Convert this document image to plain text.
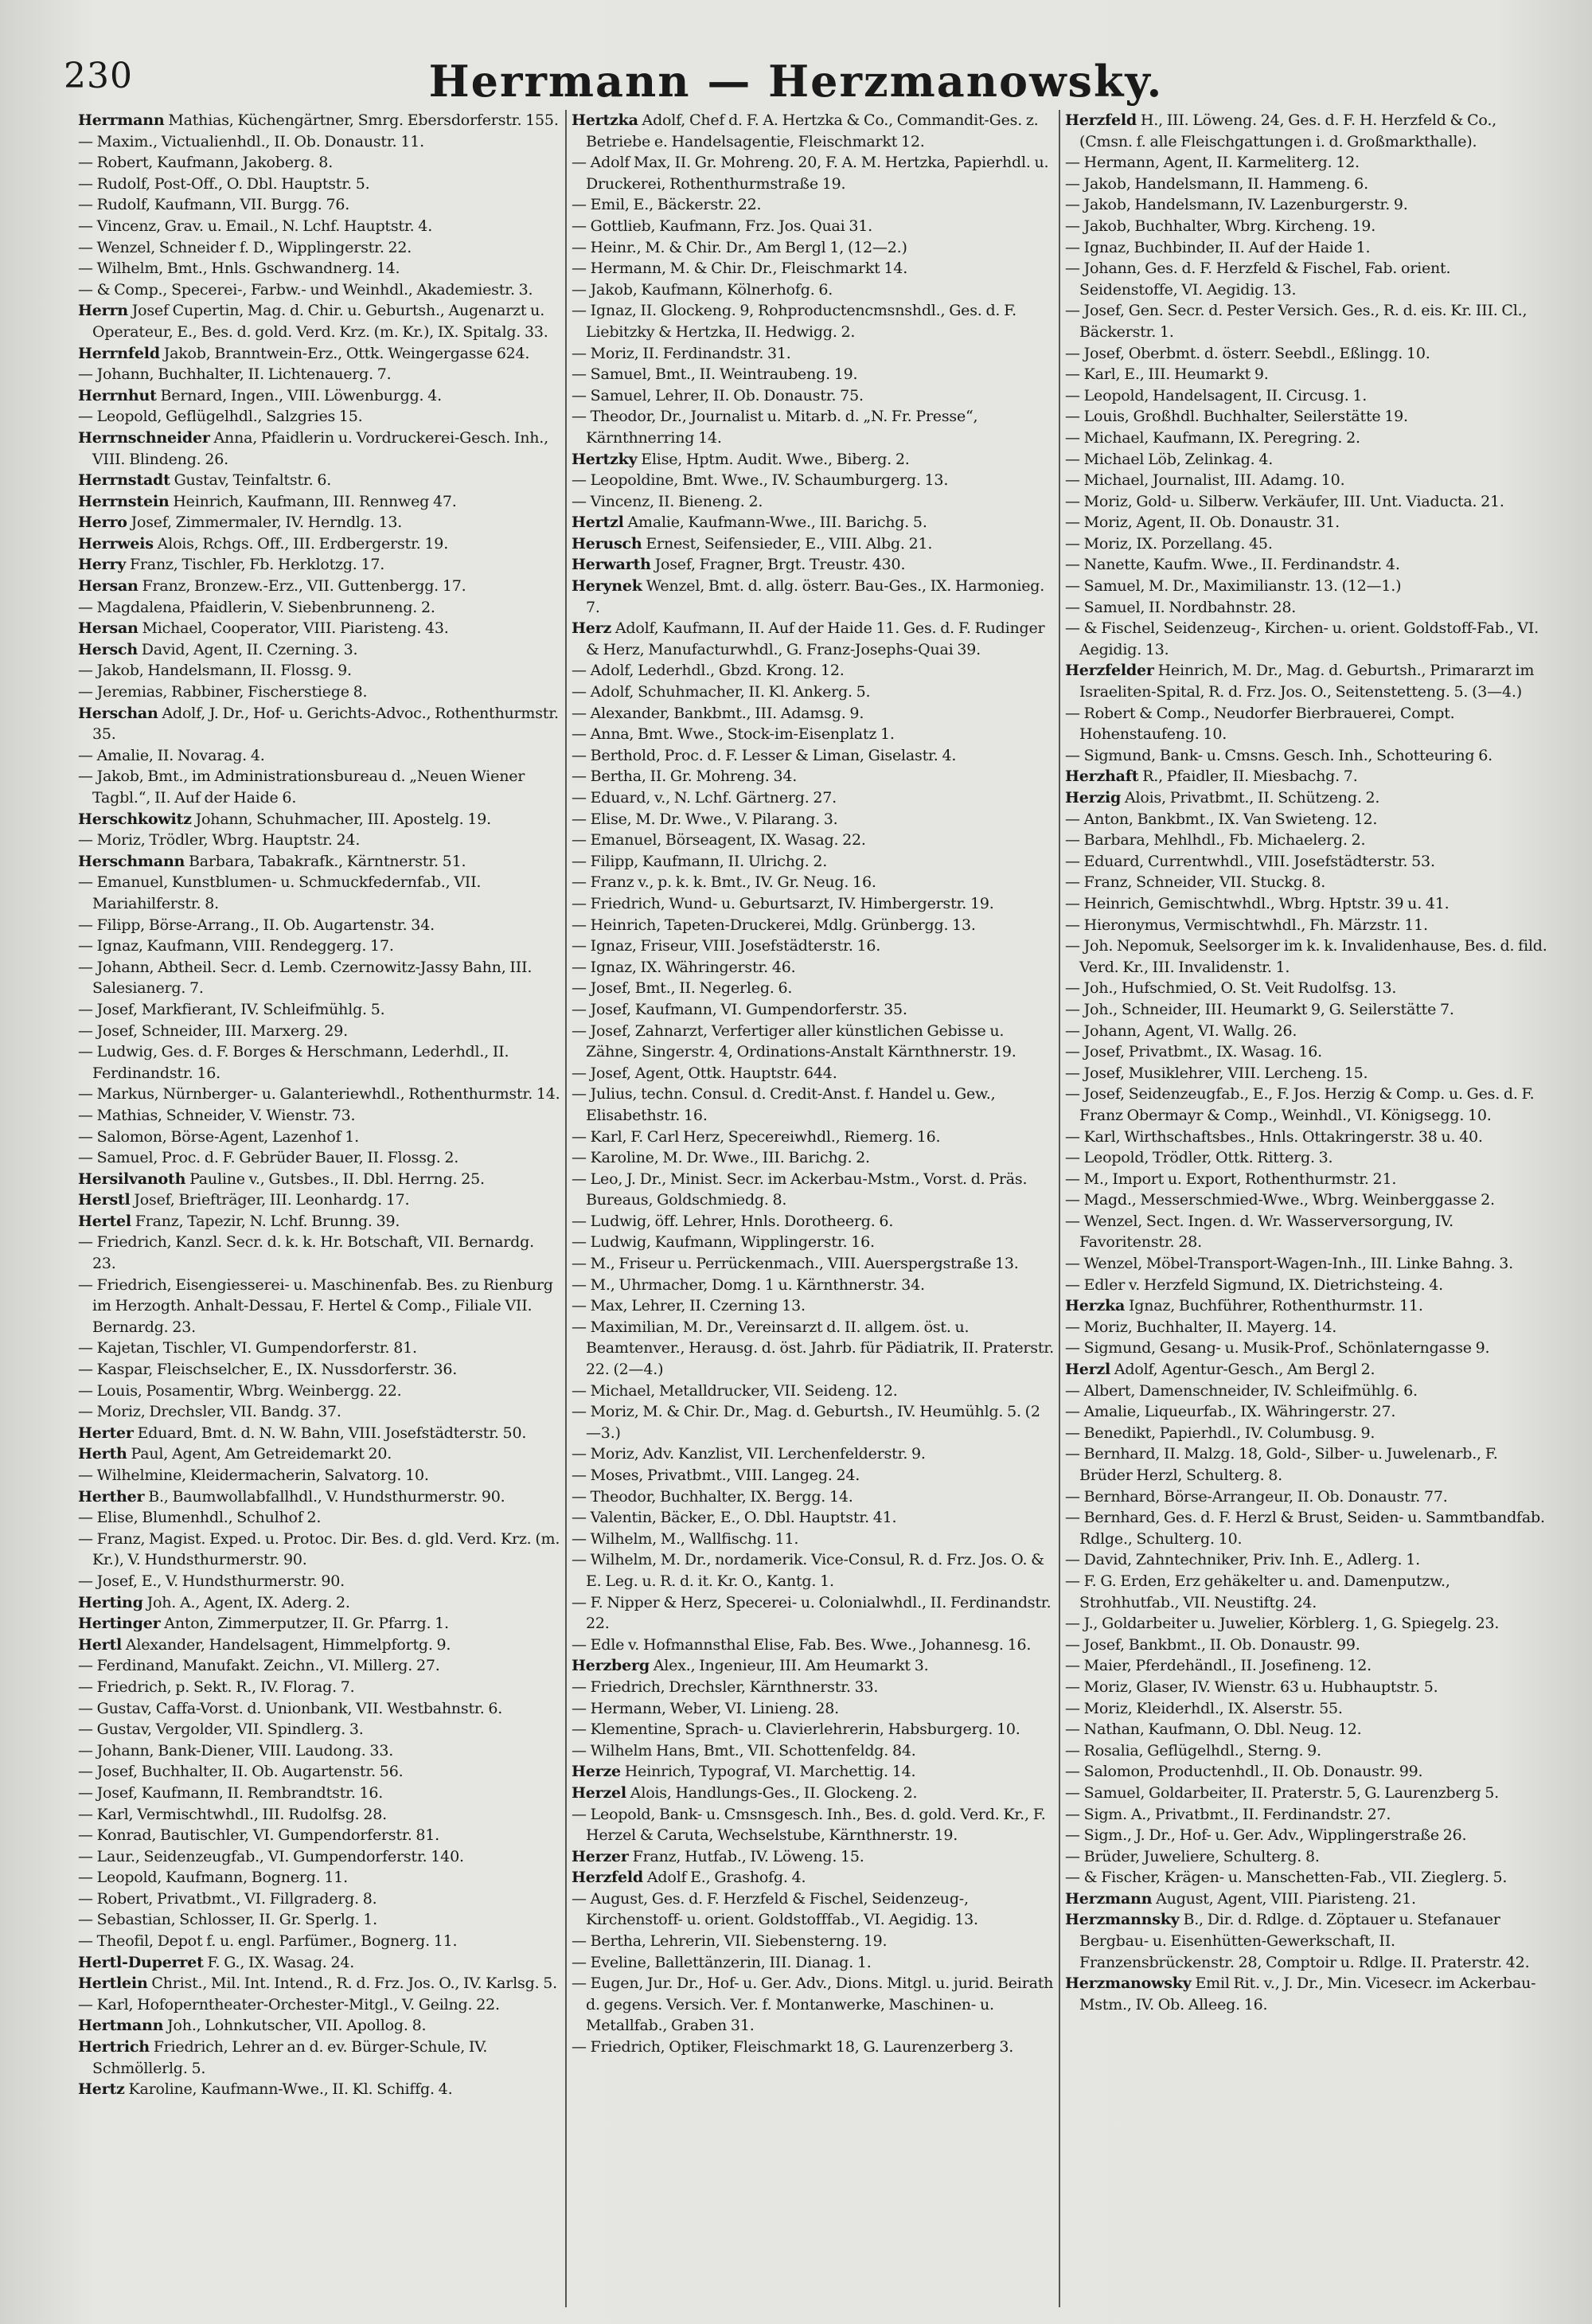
230	Herrmann — Herzmanowsky.

Herrmann Mathias, Küchengärtner, Smrg. Ebersdorferstr. 155.

— Maxim., Victualienhdl., II. Ob. Donaustr. 11.

— Robert, Kaufmann, Jakoberg. 8.

— Rudolf, Post-Off., O. Dbl. Hauptstr. 5.

— Rudolf, Kaufmann, VII. Burgg. 76.

— Vincenz, Grav. u. Email., N. Lchf. Hauptstr. 4.

— Wenzel, Schneider f. D., Wipplingerstr. 22.

— Wilhelm, Bmt., Hnls. Gschwandnerg. 14.

— & Comp., Specerei-, Farbw.- und Weinhdl., Akademiestr. 3.

Herrn Josef Cupertin, Mag. d. Chir. u. Geburtsh., Augenarzt u. Operateur, E., Bes. d. gold. Verd. Krz. (m. Kr.), IX. Spitalg. 33.

Herrnfeld Jakob, Branntwein-Erz., Ottk. Weingergasse 624.

— Johann, Buchhalter, II. Lichtenauerg. 7.

Herrnhut Bernard, Ingen., VIII. Löwenburgg. 4.

— Leopold, Geflügelhdl., Salzgries 15.

Herrnschneider Anna, Pfaidlerin u. Vordruckerei-Gesch. Inh., VIII. Blindeng. 26.

Herrnstadt Gustav, Teinfaltstr. 6.

Herrnstein Heinrich, Kaufmann, III. Rennweg 47.

Herro Josef, Zimmermaler, IV. Herndlg. 13.

Herrweis Alois, Rchgs. Off., III. Erdbergerstr. 19.

Herry Franz, Tischler, Fb. Herklotzg. 17.

Hersan Franz, Bronzew.-Erz., VII. Guttenbergg. 17.

— Magdalena, Pfaidlerin, V. Siebenbrunneng. 2.

Hersan Michael, Cooperator, VIII. Piaristeng. 43.

Hersch David, Agent, II. Czerning. 3.

— Jakob, Handelsmann, II. Flossg. 9.

— Jeremias, Rabbiner, Fischerstiege 8.

Herschan Adolf, J. Dr., Hof- u. Gerichts-Advoc., Rothenthurmstr. 35.

— Amalie, II. Novarag. 4.

— Jakob, Bmt., im Administrationsbureau d. „Neuen Wiener Tagbl.“, II. Auf der Haide 6.

Herschkowitz Johann, Schuhmacher, III. Apostelg. 19.

— Moriz, Trödler, Wbrg. Hauptstr. 24.

Herschmann Barbara, Tabakrafk., Kärntnerstr. 51.

— Emanuel, Kunstblumen- u. Schmuckfedernfab., VII. Mariahilferstr. 8.

— Filipp, Börse-Arrang., II. Ob. Augartenstr. 34.

— Ignaz, Kaufmann, VIII. Rendeggerg. 17.

— Johann, Abtheil. Secr. d. Lemb. Czernowitz-Jassy Bahn, III. Salesianerg. 7.

— Josef, Markfierant, IV. Schleifmühlg. 5.

— Josef, Schneider, III. Marxerg. 29.

— Ludwig, Ges. d. F. Borges & Herschmann, Lederhdl., II. Ferdinandstr. 16.

— Markus, Nürnberger- u. Galanteriewhdl., Rothenthurmstr. 14.

— Mathias, Schneider, V. Wienstr. 73.

— Salomon, Börse-Agent, Lazenhof 1.

— Samuel, Proc. d. F. Gebrüder Bauer, II. Flossg. 2.

Hersilvanoth Pauline v., Gutsbes., II. Dbl. Herrng. 25.

Herstl Josef, Briefträger, III. Leonhardg. 17.

Hertel Franz, Tapezir, N. Lchf. Brunng. 39.

— Friedrich, Kanzl. Secr. d. k. k. Hr. Botschaft, VII. Bernardg. 23.

— Friedrich, Eisengiesserei- u. Maschinenfab. Bes. zu Rienburg im Herzogth. Anhalt-Dessau, F. Hertel & Comp., Filiale VII. Bernardg. 23.

— Kajetan, Tischler, VI. Gumpendorferstr. 81.

— Kaspar, Fleischselcher, E., IX. Nussdorferstr. 36.

— Louis, Posamentir, Wbrg. Weinbergg. 22.

— Moriz, Drechsler, VII. Bandg. 37.

Herter Eduard, Bmt. d. N. W. Bahn, VIII. Josefstädterstr. 50.

Herth Paul, Agent, Am Getreidemarkt 20.

— Wilhelmine, Kleidermacherin, Salvatorg. 10.

Herther B., Baumwollabfallhdl., V. Hundsthurmerstr. 90.

— Elise, Blumenhdl., Schulhof 2.

— Franz, Magist. Exped. u. Protoc. Dir. Bes. d. gld. Verd. Krz. (m. Kr.), V. Hundsthurmerstr. 90.

— Josef, E., V. Hundsthurmerstr. 90.

Herting Joh. A., Agent, IX. Aderg. 2.

Hertinger Anton, Zimmerputzer, II. Gr. Pfarrg. 1.

Hertl Alexander, Handelsagent, Himmelpfortg. 9.

— Ferdinand, Manufakt. Zeichn., VI. Millerg. 27.

— Friedrich, p. Sekt. R., IV. Florag. 7.

— Gustav, Caffa-Vorst. d. Unionbank, VII. Westbahnstr. 6.

— Gustav, Vergolder, VII. Spindlerg. 3.

— Johann, Bank-Diener, VIII. Laudong. 33.

— Josef, Buchhalter, II. Ob. Augartenstr. 56.

— Josef, Kaufmann, II. Rembrandtstr. 16.

— Karl, Vermischtwhdl., III. Rudolfsg. 28.

— Konrad, Bautischler, VI. Gumpendorferstr. 81.

— Laur., Seidenzeugfab., VI. Gumpendorferstr. 140.

— Leopold, Kaufmann, Bognerg. 11.

— Robert, Privatbmt., VI. Fillgraderg. 8.

— Sebastian, Schlosser, II. Gr. Sperlg. 1.

— Theofil, Depot f. u. engl. Parfümer., Bognerg. 11.

Hertl-Duperret F. G., IX. Wasag. 24.

Hertlein Christ., Mil. Int. Intend., R. d. Frz. Jos. O., IV. Karlsg. 5.

— Karl, Hofoperntheater-Orchester-Mitgl., V. Geilng. 22.

Hertmann Joh., Lohnkutscher, VII. Apollog. 8.

Hertrich Friedrich, Lehrer an d. ev. Bürger-Schule, IV. Schmöllerlg. 5.

Hertz Karoline, Kaufmann-Wwe., II. Kl. Schiffg. 4.

Hertzka Adolf, Chef d. F. A. Hertzka & Co., Commandit-Ges. z. Betriebe e. Handelsagentie, Fleischmarkt 12.

— Adolf Max, II. Gr. Mohreng. 20, F. A. M. Hertzka, Papierhdl. u. Druckerei, Rothenthurmstraße 19.

— Emil, E., Bäckerstr. 22.

— Gottlieb, Kaufmann, Frz. Jos. Quai 31.

— Heinr., M. & Chir. Dr., Am Bergl 1, (12—2.)

— Hermann, M. & Chir. Dr., Fleischmarkt 14.

— Jakob, Kaufmann, Kölnerhofg. 6.

— Ignaz, II. Glockeng. 9, Rohproductencmsnshdl., Ges. d. F. Liebitzky & Hertzka, II. Hedwigg. 2.

— Moriz, II. Ferdinandstr. 31.

— Samuel, Bmt., II. Weintraubeng. 19.

— Samuel, Lehrer, II. Ob. Donaustr. 75.

— Theodor, Dr., Journalist u. Mitarb. d. „N. Fr. Presse“, Kärnthnerring 14.

Hertzky Elise, Hptm. Audit. Wwe., Biberg. 2.

— Leopoldine, Bmt. Wwe., IV. Schaumburgerg. 13.

— Vincenz, II. Bieneng. 2.

Hertzl Amalie, Kaufmann-Wwe., III. Barichg. 5.

Herusch Ernest, Seifensieder, E., VIII. Albg. 21.

Herwarth Josef, Fragner, Brgt. Treustr. 430.

Herynek Wenzel, Bmt. d. allg. österr. Bau-Ges., IX. Harmonieg. 7.

Herz Adolf, Kaufmann, II. Auf der Haide 11. Ges. d. F. Rudinger & Herz, Manufacturwhdl., G. Franz-Josephs-Quai 39.

— Adolf, Lederhdl., Gbzd. Krong. 12.

— Adolf, Schuhmacher, II. Kl. Ankerg. 5.

— Alexander, Bankbmt., III. Adamsg. 9.

— Anna, Bmt. Wwe., Stock-im-Eisenplatz 1.

— Berthold, Proc. d. F. Lesser & Liman, Giselastr. 4.

— Bertha, II. Gr. Mohreng. 34.

— Eduard, v., N. Lchf. Gärtnerg. 27.

— Elise, M. Dr. Wwe., V. Pilarang. 3.

— Emanuel, Börseagent, IX. Wasag. 22.

— Filipp, Kaufmann, II. Ulrichg. 2.

— Franz v., p. k. k. Bmt., IV. Gr. Neug. 16.

— Friedrich, Wund- u. Geburtsarzt, IV. Himbergerstr. 19.

— Heinrich, Tapeten-Druckerei, Mdlg. Grünbergg. 13.

— Ignaz, Friseur, VIII. Josefstädterstr. 16.

— Ignaz, IX. Währingerstr. 46.

— Josef, Bmt., II. Negerleg. 6.

— Josef, Kaufmann, VI. Gumpendorferstr. 35.

— Josef, Zahnarzt, Verfertiger aller künstlichen Gebisse u. Zähne, Singerstr. 4, Ordinations-Anstalt Kärnthnerstr. 19.

— Josef, Agent, Ottk. Hauptstr. 644.

— Julius, techn. Consul. d. Credit-Anst. f. Handel u. Gew., Elisabethstr. 16.

— Karl, F. Carl Herz, Specereiwhdl., Riemerg. 16.

— Karoline, M. Dr. Wwe., III. Barichg. 2.

— Leo, J. Dr., Minist. Secr. im Ackerbau-Mstm., Vorst. d. Präs. Bureaus, Goldschmiedg. 8.

— Ludwig, öff. Lehrer, Hnls. Dorotheerg. 6.

— Ludwig, Kaufmann, Wipplingerstr. 16.

— M., Friseur u. Perrückenmach., VIII. Auerspergstraße 13.

— M., Uhrmacher, Domg. 1 u. Kärnthnerstr. 34.

— Max, Lehrer, II. Czerning 13.

— Maximilian, M. Dr., Vereinsarzt d. II. allgem. öst. u. Beamtenver., Herausg. d. öst. Jahrb. für Pädiatrik, II. Praterstr. 22. (2—4.)

— Michael, Metalldrucker, VII. Seideng. 12.

— Moriz, M. & Chir. Dr., Mag. d. Geburtsh., IV. Heumühlg. 5. (2—3.)

— Moriz, Adv. Kanzlist, VII. Lerchenfelderstr. 9.

— Moses, Privatbmt., VIII. Langeg. 24.

— Theodor, Buchhalter, IX. Bergg. 14.

— Valentin, Bäcker, E., O. Dbl. Hauptstr. 41.

— Wilhelm, M., Wallfischg. 11.

— Wilhelm, M. Dr., nordamerik. Vice-Consul, R. d. Frz. Jos. O. & E. Leg. u. R. d. it. Kr. O., Kantg. 1.

— F. Nipper & Herz, Specerei- u. Colonialwhdl., II. Ferdinandstr. 22.

— Edle v. Hofmannsthal Elise, Fab. Bes. Wwe., Johannesg. 16.

Herzberg Alex., Ingenieur, III. Am Heumarkt 3.

— Friedrich, Drechsler, Kärnthnerstr. 33.

— Hermann, Weber, VI. Linieng. 28.

— Klementine, Sprach- u. Clavierlehrerin, Habsburgerg. 10.

— Wilhelm Hans, Bmt., VII. Schottenfeldg. 84.

Herze Heinrich, Typograf, VI. Marchettig. 14.

Herzel Alois, Handlungs-Ges., II. Glockeng. 2.

— Leopold, Bank- u. Cmsnsgesch. Inh., Bes. d. gold. Verd. Kr., F. Herzel & Caruta, Wechselstube, Kärnthnerstr. 19.

Herzer Franz, Hutfab., IV. Löweng. 15.

Herzfeld Adolf E., Grashofg. 4.

— August, Ges. d. F. Herzfeld & Fischel, Seidenzeug-, Kirchenstoff- u. orient. Goldstofffab., VI. Aegidig. 13.

— Bertha, Lehrerin, VII. Siebensterng. 19.

— Eveline, Ballettänzerin, III. Dianag. 1.

— Eugen, Jur. Dr., Hof- u. Ger. Adv., Dions. Mitgl. u. jurid. Beirath d. gegens. Versich. Ver. f. Montanwerke, Maschinen- u. Metallfab., Graben 31.

— Friedrich, Optiker, Fleischmarkt 18, G. Laurenzerberg 3.

Herzfeld H., III. Löweng. 24, Ges. d. F. H. Herzfeld & Co., (Cmsn. f. alle Fleischgattungen i. d. Großmarkthalle).

— Hermann, Agent, II. Karmeliterg. 12.

— Jakob, Handelsmann, II. Hammeng. 6.

— Jakob, Handelsmann, IV. Lazenburgerstr. 9.

— Jakob, Buchhalter, Wbrg. Kircheng. 19.

— Ignaz, Buchbinder, II. Auf der Haide 1.

— Johann, Ges. d. F. Herzfeld & Fischel, Fab. orient. Seidenstoffe, VI. Aegidig. 13.

— Josef, Gen. Secr. d. Pester Versich. Ges., R. d. eis. Kr. III. Cl., Bäckerstr. 1.

— Josef, Oberbmt. d. österr. Seebdl., Eßlingg. 10.

— Karl, E., III. Heumarkt 9.

— Leopold, Handelsagent, II. Circusg. 1.

— Louis, Großhdl. Buchhalter, Seilerstätte 19.

— Michael, Kaufmann, IX. Peregring. 2.

— Michael Löb, Zelinkag. 4.

— Michael, Journalist, III. Adamg. 10.

— Moriz, Gold- u. Silberw. Verkäufer, III. Unt. Viaducta. 21.

— Moriz, Agent, II. Ob. Donaustr. 31.

— Moriz, IX. Porzellang. 45.

— Nanette, Kaufm. Wwe., II. Ferdinandstr. 4.

— Samuel, M. Dr., Maximilianstr. 13. (12—1.)

— Samuel, II. Nordbahnstr. 28.

— & Fischel, Seidenzeug-, Kirchen- u. orient. Goldstoff-Fab., VI. Aegidig. 13.

Herzfelder Heinrich, M. Dr., Mag. d. Geburtsh., Primararzt im Israeliten-Spital, R. d. Frz. Jos. O., Seitenstetteng. 5. (3—4.)

— Robert & Comp., Neudorfer Bierbrauerei, Compt. Hohenstaufeng. 10.

— Sigmund, Bank- u. Cmsns. Gesch. Inh., Schotteuring 6.

Herzhaft R., Pfaidler, II. Miesbachg. 7.

Herzig Alois, Privatbmt., II. Schützeng. 2.

— Anton, Bankbmt., IX. Van Swieteng. 12.

— Barbara, Mehlhdl., Fb. Michaelerg. 2.

— Eduard, Currentwhdl., VIII. Josefstädterstr. 53.

— Franz, Schneider, VII. Stuckg. 8.

— Heinrich, Gemischtwhdl., Wbrg. Hptstr. 39 u. 41.

— Hieronymus, Vermischtwhdl., Fh. Märzstr. 11.

— Joh. Nepomuk, Seelsorger im k. k. Invalidenhause, Bes. d. fild. Verd. Kr., III. Invalidenstr. 1.

— Joh., Hufschmied, O. St. Veit Rudolfsg. 13.

— Joh., Schneider, III. Heumarkt 9, G. Seilerstätte 7.

— Johann, Agent, VI. Wallg. 26.

— Josef, Privatbmt., IX. Wasag. 16.

— Josef, Musiklehrer, VIII. Lercheng. 15.

— Josef, Seidenzeugfab., E., F. Jos. Herzig & Comp. u. Ges. d. F. Franz Obermayr & Comp., Weinhdl., VI. Königsegg. 10.

— Karl, Wirthschaftsbes., Hnls. Ottakringerstr. 38 u. 40.

— Leopold, Trödler, Ottk. Ritterg. 3.

— M., Import u. Export, Rothenthurmstr. 21.

— Magd., Messerschmied-Wwe., Wbrg. Weinberggasse 2.

— Wenzel, Sect. Ingen. d. Wr. Wasserversorgung, IV. Favoritenstr. 28.

— Wenzel, Möbel-Transport-Wagen-Inh., III. Linke Bahng. 3.

— Edler v. Herzfeld Sigmund, IX. Dietrichsteing. 4.

Herzka Ignaz, Buchführer, Rothenthurmstr. 11.

— Moriz, Buchhalter, II. Mayerg. 14.

— Sigmund, Gesang- u. Musik-Prof., Schönlaterngasse 9.

Herzl Adolf, Agentur-Gesch., Am Bergl 2.

— Albert, Damenschneider, IV. Schleifmühlg. 6.

— Amalie, Liqueurfab., IX. Währingerstr. 27.

— Benedikt, Papierhdl., IV. Columbusg. 9.

— Bernhard, II. Malzg. 18, Gold-, Silber- u. Juwelenarb., F. Brüder Herzl, Schulterg. 8.

— Bernhard, Börse-Arrangeur, II. Ob. Donaustr. 77.

— Bernhard, Ges. d. F. Herzl & Brust, Seiden- u. Sammtbandfab. Rdlge., Schulterg. 10.

— David, Zahntechniker, Priv. Inh. E., Adlerg. 1.

— F. G. Erden, Erz gehäkelter u. and. Damenputzw., Strohhutfab., VII. Neustiftg. 24.

— J., Goldarbeiter u. Juwelier, Körblerg. 1, G. Spiegelg. 23.

— Josef, Bankbmt., II. Ob. Donaustr. 99.

— Maier, Pferdehändl., II. Josefineng. 12.

— Moriz, Glaser, IV. Wienstr. 63 u. Hubhauptstr. 5.

— Moriz, Kleiderhdl., IX. Alserstr. 55.

— Nathan, Kaufmann, O. Dbl. Neug. 12.

— Rosalia, Geflügelhdl., Sterng. 9.

— Salomon, Productenhdl., II. Ob. Donaustr. 99.

— Samuel, Goldarbeiter, II. Praterstr. 5, G. Laurenzberg 5.

— Sigm. A., Privatbmt., II. Ferdinandstr. 27.

— Sigm., J. Dr., Hof- u. Ger. Adv., Wipplingerstraße 26.

— Brüder, Juweliere, Schulterg. 8.

— & Fischer, Krägen- u. Manschetten-Fab., VII. Zieglerg. 5.

Herzmann August, Agent, VIII. Piaristeng. 21.

Herzmannsky B., Dir. d. Rdlge. d. Zöptauer u. Stefanauer Bergbau- u. Eisenhütten-Gewerkschaft, II. Franzensbrückenstr. 28, Comptoir u. Rdlge. II. Praterstr. 42.

Herzmanowsky Emil Rit. v., J. Dr., Min. Vicesecr. im Ackerbau-Mstm., IV. Ob. Alleeg. 16.
